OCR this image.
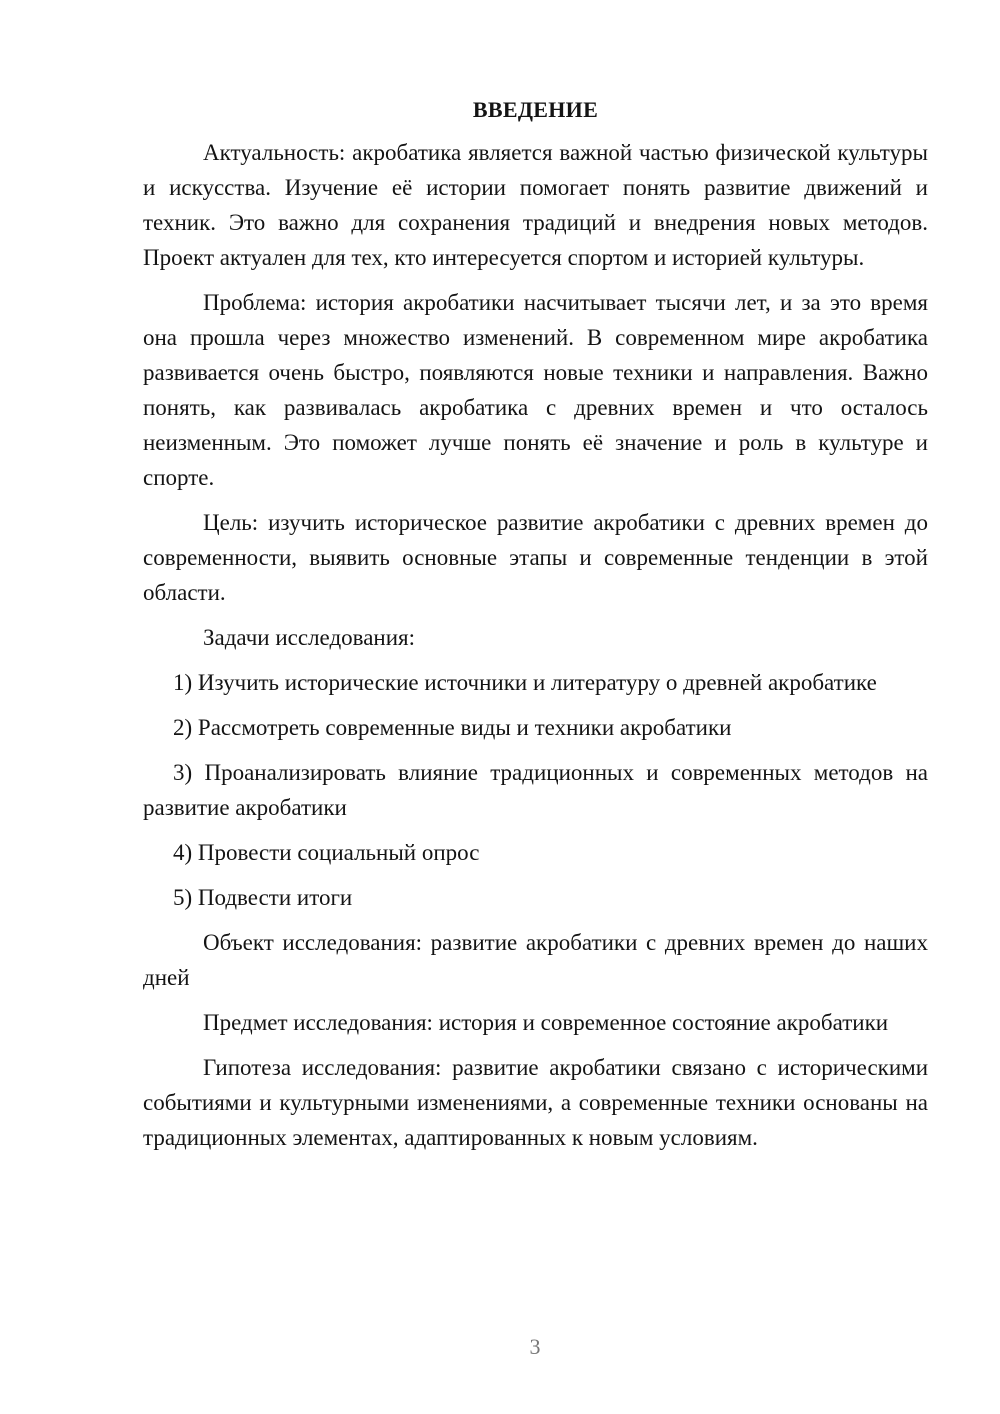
ВВЕДЕНИЕ

Актуальность: акробатика является важной частью физической культуры и искусства. Изучение её истории помогает понять развитие движений и техник. Это важно для сохранения традиций и внедрения новых методов. Проект актуален для тех, кто интересуется спортом и историей культуры.

Проблема: история акробатики насчитывает тысячи лет, и за это время она прошла через множество изменений. В современном мире акробатика развивается очень быстро, появляются новые техники и направления. Важно понять, как развивалась акробатика с древних времен и что осталось неизменным. Это поможет лучше понять её значение и роль в культуре и спорте.

Цель: изучить историческое развитие акробатики с древних времен до современности, выявить основные этапы и современные тенденции в этой области.

Задачи исследования:

1) Изучить исторические источники и литературу о древней акробатике

2) Рассмотреть современные виды и техники акробатики

3) Проанализировать влияние традиционных и современных методов на развитие акробатики

4) Провести социальный опрос

5) Подвести итоги

Объект исследования: развитие акробатики с древних времен до наших дней

Предмет исследования: история и современное состояние акробатики

Гипотеза исследования: развитие акробатики связано с историческими событиями и культурными изменениями, а современные техники основаны на традиционных элементах, адаптированных к новым условиям.

3
